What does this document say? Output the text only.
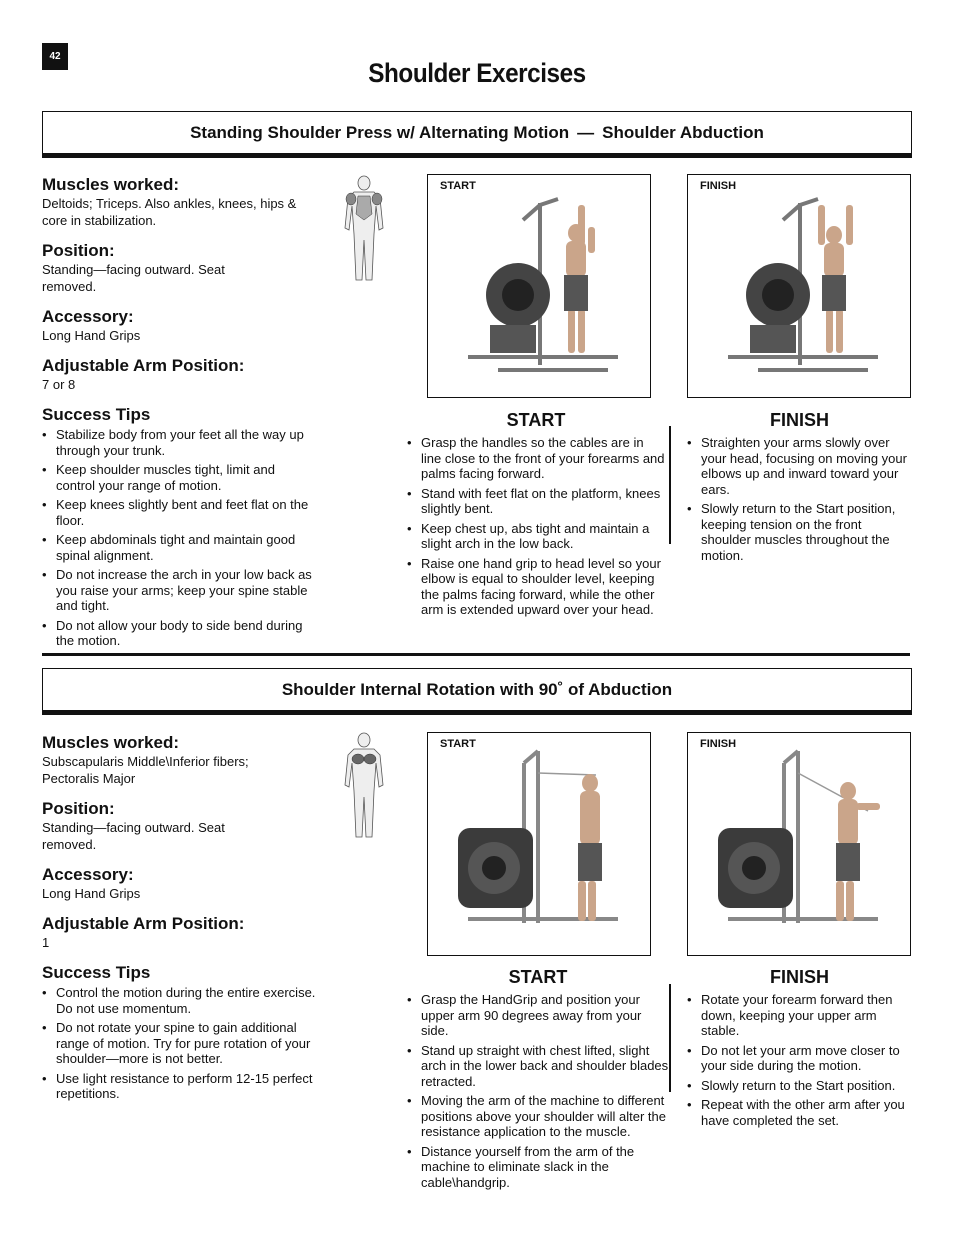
42
Shoulder Exercises
Standing Shoulder Press w/ Alternating Motion — Shoulder Abduction

Muscles worked:

Deltoids; Triceps. Also ankles, knees, hips & core in stabilization.

Position:

Standing—facing outward. Seat removed.

Accessory:

Long Hand Grips

Adjustable Arm Position:

7 or 8

Success Tips

• Stabilize body from your feet all the way up through your trunk.
• Keep shoulder muscles tight, limit and control your range of motion.
• Keep knees slightly bent and feet flat on the floor.
• Keep abdominals tight and maintain good spinal alignment.
• Do not increase the arch in your low back as you raise your arms; keep your spine stable and tight.
• Do not allow your body to side bend during the motion.
START	FINISH
START
• Grasp the handles so the cables are in line close to the front of your forearms and palms facing forward.
• Stand with feet flat on the platform, knees slightly bent.
• Keep chest up, abs tight and maintain a slight arch in the low back.
• Raise one hand grip to head level so your elbow is equal to shoulder level, keeping the palms facing forward, while the other arm is extended upward over your head.
FINISH
• Straighten your arms slowly over your head, focusing on moving your elbows up and inward toward your ears.
• Slowly return to the Start position, keeping tension on the front shoulder muscles throughout the motion.
Shoulder Internal Rotation with 90˚ of Abduction

Muscles worked:

Subscapularis Middle\Inferior fibers; Pectoralis Major

Position:

Standing—facing outward. Seat removed.

Accessory:

Long Hand Grips

Adjustable Arm Position:

1

Success Tips

• Control the motion during the entire exercise. Do not use momentum.
• Do not rotate your spine to gain additional range of motion. Try for pure rotation of your shoulder—more is not better.
• Use light resistance to perform 12-15 perfect repetitions.
START	FINISH
START
• Grasp the HandGrip and position your upper arm 90 degrees away from your side.
• Stand up straight with chest lifted, slight arch in the lower back and shoulder blades retracted.
• Moving the arm of the machine to different positions above your shoulder will alter the resistance application to the muscle.
• Distance yourself from the arm of the machine to eliminate slack in the cable\handgrip.
FINISH
• Rotate your forearm forward then down, keeping your upper arm stable.
• Do not let your arm move closer to your side during the motion.
• Slowly return to the Start position.
• Repeat with the other arm after you have completed the set.
